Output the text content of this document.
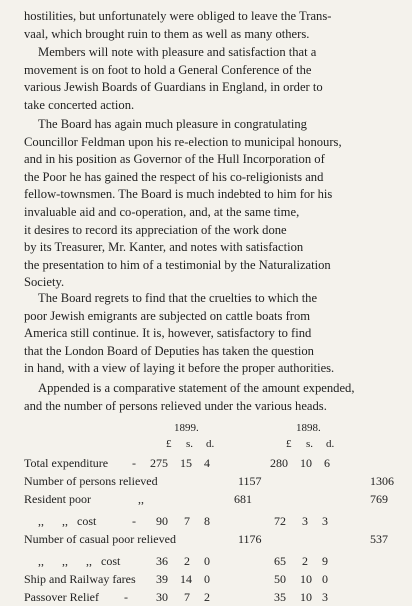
hostilities, but unfortunately were obliged to leave the Trans-
vaal, which brought ruin to them as well as many others.

Members will note with pleasure and satisfaction that a
movement is on foot to hold a General Conference of the
various Jewish Boards of Guardians in England, in order to
take concerted action.

The Board has again much pleasure in congratulating
Councillor Feldman upon his re-election to municipal honours,
and in his position as Governor of the Hull Incorporation of
the Poor he has gained the respect of his co-religionists and
fellow-townsmen. The Board is much indebted to him for his
invaluable aid and co-operation, and, at the same time,
it desires to record its appreciation of the work done
by its Treasurer, Mr. Kanter, and notes with satisfaction
the presentation to him of a testimonial by the Naturalization
Society.

The Board regrets to find that the cruelties to which the
poor Jewish emigrants are subjected on cattle boats from
America still continue. It is, however, satisfactory to find
that the London Board of Deputies has taken the question
in hand, with a view of laying it before the proper authorities.

Appended is a comparative statement of the amount expended,
and the number of persons relieved under the various heads.

1899.	1898.
£ s. d.	£ s. d.
Total expenditure - 275 15 4	280 10 6
Number of persons relieved	1157	1306
Resident poor	,,	681	769
,,      ,,   cost	- 90 7 8	72 3 3
Number of casual poor relieved	1176	537
,,      ,,      ,,   cost	36 2 0	65 2 9
Ship and Railway fares 39 14 0	50 10 0
Passover Relief - 30 7 2	35 10 3
